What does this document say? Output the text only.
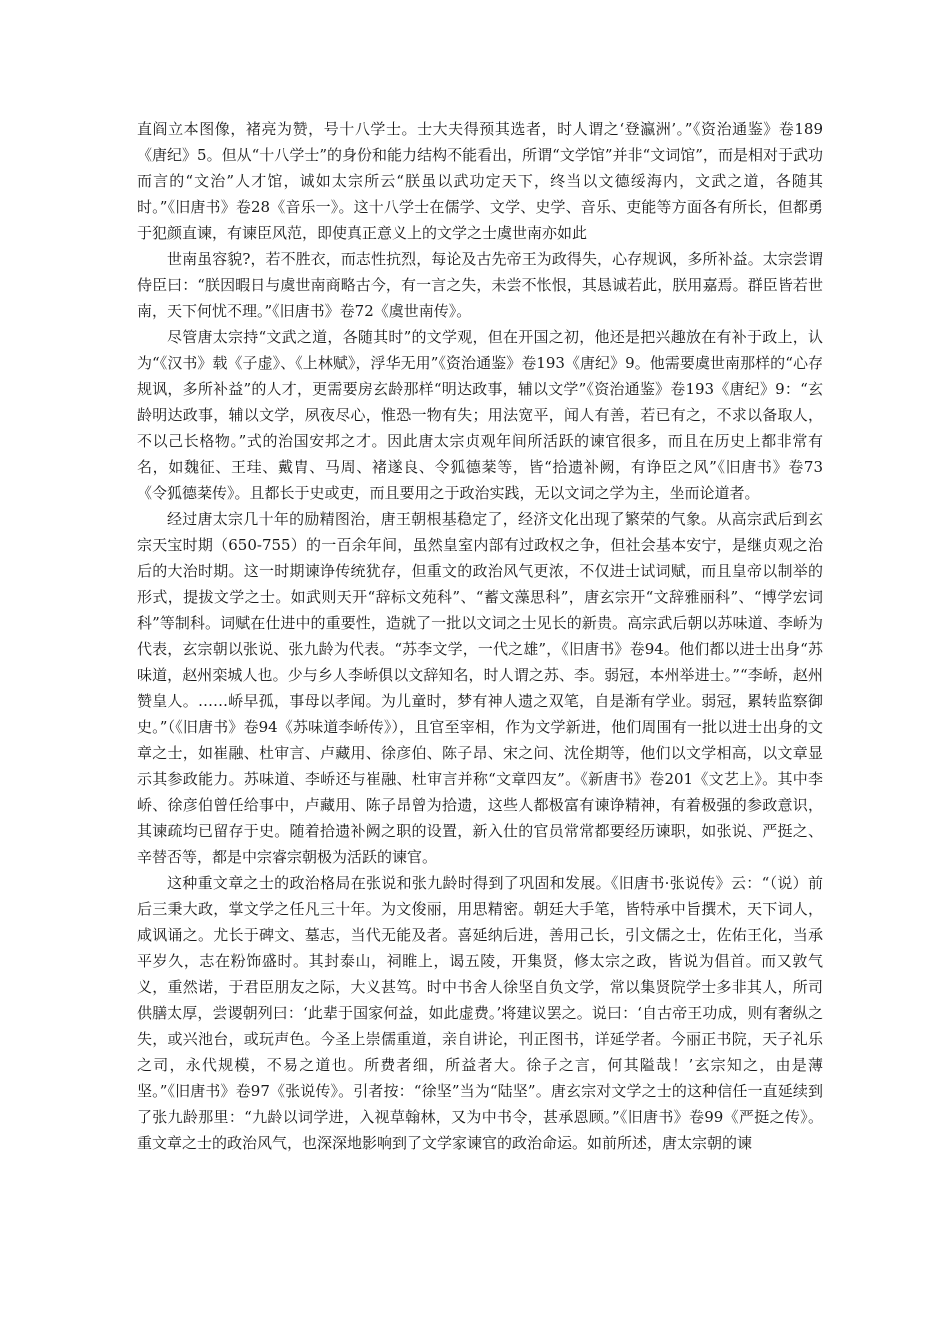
直阎立本图像，褚亮为赞，号十八学士。士大夫得预其选者，时人谓之‘登瀛洲’。”《资治通鉴》卷189《唐纪》5。但从“十八学士”的身份和能力结构不能看出，所谓“文学馆”并非“文词馆”，而是相对于武功而言的“文治”人才馆，诚如太宗所云“朕虽以武功定天下，终当以文德绥海内，文武之道，各随其时。”《旧唐书》卷28《音乐一》。这十八学士在儒学、文学、史学、音乐、吏能等方面各有所长，但都勇于犯颜直谏，有谏臣风范，即使真正意义上的文学之士虞世南亦如此

世南虽容貌?，若不胜衣，而志性抗烈，每论及古先帝王为政得失，心存规讽，多所补益。太宗尝谓侍臣曰：“朕因暇日与虞世南商略古今，有一言之失，未尝不怅恨，其恳诚若此，朕用嘉焉。群臣皆若世南，天下何忧不理。”《旧唐书》卷72《虞世南传》。

尽管唐太宗持“文武之道，各随其时”的文学观，但在开国之初，他还是把兴趣放在有补于政上，认为“《汉书》载《子虚》、《上林赋》，浮华无用”《资治通鉴》卷193《唐纪》9。他需要虞世南那样的“心存规讽，多所补益”的人才，更需要房玄龄那样“明达政事，辅以文学”《资治通鉴》卷193《唐纪》9：“玄龄明达政事，辅以文学，夙夜尽心，惟恐一物有失；用法宽平，闻人有善，若已有之，不求以备取人，不以己长格物。”式的治国安邦之才。因此唐太宗贞观年间所活跃的谏官很多，而且在历史上都非常有名，如魏征、王珪、戴胄、马周、褚遂良、令狐德棻等，皆“拾遗补阙，有诤臣之风”《旧唐书》卷73《令狐德棻传》。且都长于史或吏，而且要用之于政治实践，无以文词之学为主，坐而论道者。

经过唐太宗几十年的励精图治，唐王朝根基稳定了，经济文化出现了繁荣的气象。从高宗武后到玄宗天宝时期（650-755）的一百余年间，虽然皇室内部有过政权之争，但社会基本安宁，是继贞观之治后的大治时期。这一时期谏诤传统犹存，但重文的政治风气更浓，不仅进士试词赋，而且皇帝以制举的形式，提拔文学之士。如武则天开“辞标文苑科”、“蓄文藻思科”，唐玄宗开“文辞雅丽科”、“博学宏词科”等制科。词赋在仕进中的重要性，造就了一批以文词之士见长的新贵。高宗武后朝以苏味道、李峤为代表，玄宗朝以张说、张九龄为代表。“苏李文学，一代之雄”，《旧唐书》卷94。他们都以进士出身“苏味道，赵州栾城人也。少与乡人李峤俱以文辞知名，时人谓之苏、李。弱冠，本州举进士。”“李峤，赵州赞皇人。……峤早孤，事母以孝闻。为儿童时，梦有神人遗之双笔，自是渐有学业。弱冠，累转监察御史。”（《旧唐书》卷94《苏味道李峤传》），且官至宰相，作为文学新进，他们周围有一批以进士出身的文章之士，如崔融、杜审言、卢藏用、徐彦伯、陈子昂、宋之问、沈佺期等，他们以文学相高，以文章显示其参政能力。苏味道、李峤还与崔融、杜审言并称“文章四友”。《新唐书》卷201《文艺上》。其中李峤、徐彦伯曾任给事中，卢藏用、陈子昂曾为拾遗，这些人都极富有谏诤精神，有着极强的参政意识，其谏疏均已留存于史。随着拾遗补阙之职的设置，新入仕的官员常常都要经历谏职，如张说、严挺之、辛替否等，都是中宗睿宗朝极为活跃的谏官。

这种重文章之士的政治格局在张说和张九龄时得到了巩固和发展。《旧唐书·张说传》云：“（说）前后三秉大政，掌文学之任凡三十年。为文俊丽，用思精密。朝廷大手笔，皆特承中旨撰术，天下词人，咸讽诵之。尤长于碑文、墓志，当代无能及者。喜延纳后进，善用己长，引文儒之士，佐佑王化，当承平岁久，志在粉饰盛时。其封泰山，祠睢上，谒五陵，开集贤，修太宗之政，皆说为倡首。而又敦气义，重然诺，于君臣朋友之际，大义甚笃。时中书舍人徐坚自负文学，常以集贤院学士多非其人，所司供膳太厚，尝谡朝列曰：‘此辈于国家何益，如此虚费。’将建议罢之。说曰：‘自古帝王功成，则有奢纵之失，或兴池台，或玩声色。今圣上崇儒重道，亲自讲论，刊正图书，详延学者。今丽正书院，天子礼乐之司，永代规模，不易之道也。所费者细，所益者大。徐子之言，何其隘哉！’玄宗知之，由是薄坚。”《旧唐书》卷97《张说传》。引者按：“徐坚”当为“陆坚”。唐玄宗对文学之士的这种信任一直延续到了张九龄那里：“九龄以词学进，入视草翰林，又为中书令，甚承恩顾。”《旧唐书》卷99《严挺之传》。重文章之士的政治风气，也深深地影响到了文学家谏官的政治命运。如前所述，唐太宗朝的谏
